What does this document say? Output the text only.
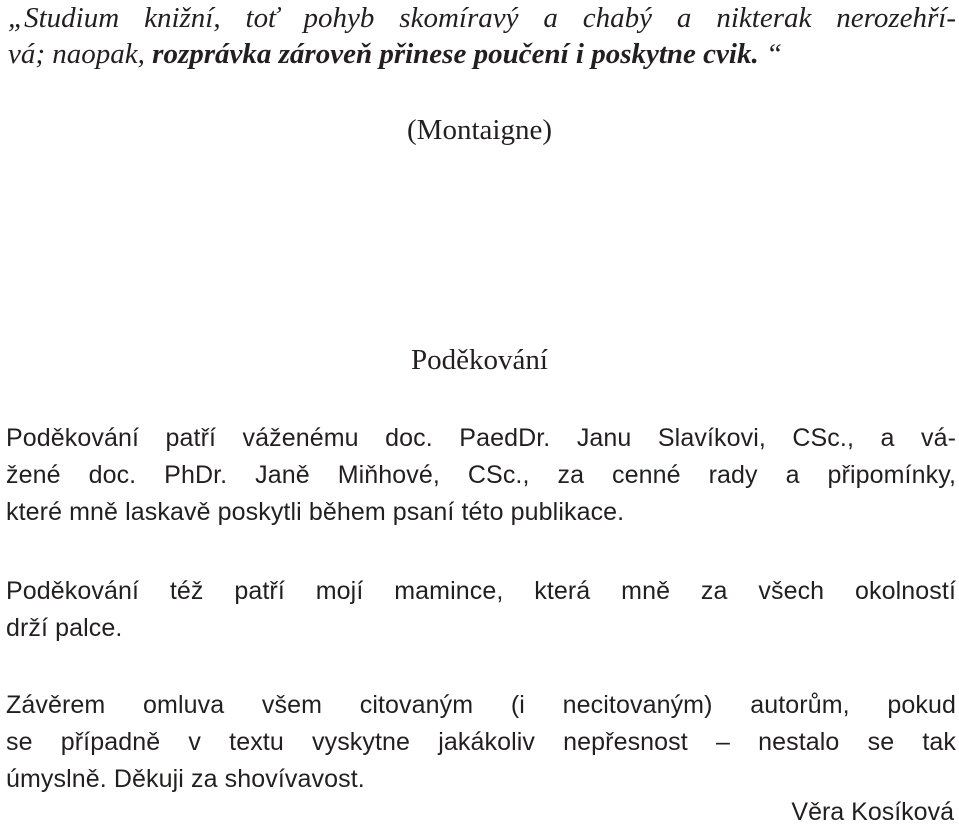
„Studium knižní, toť pohyb skomíravý a chabý a nikterak nerozehří-
vá; naopak, rozprávka zároveň přinese poučení i poskytne cvik. “

(Montaigne)

Poděkování

Poděkování patří váženému doc. PaedDr. Janu Slavíkovi, CSc., a vá-
žené doc. PhDr. Janě Miňhové, CSc., za cenné rady a připomínky,
které mně laskavě poskytli během psaní této publikace.

Poděkování též patří mojí mamince, která mně za všech okolností
drží palce.

Závěrem omluva všem citovaným (i necitovaným) autorům, pokud
se případně v textu vyskytne jakákoliv nepřesnost – nestalo se tak
úmyslně. Děkuji za shovívavost.

Věra Kosíková
